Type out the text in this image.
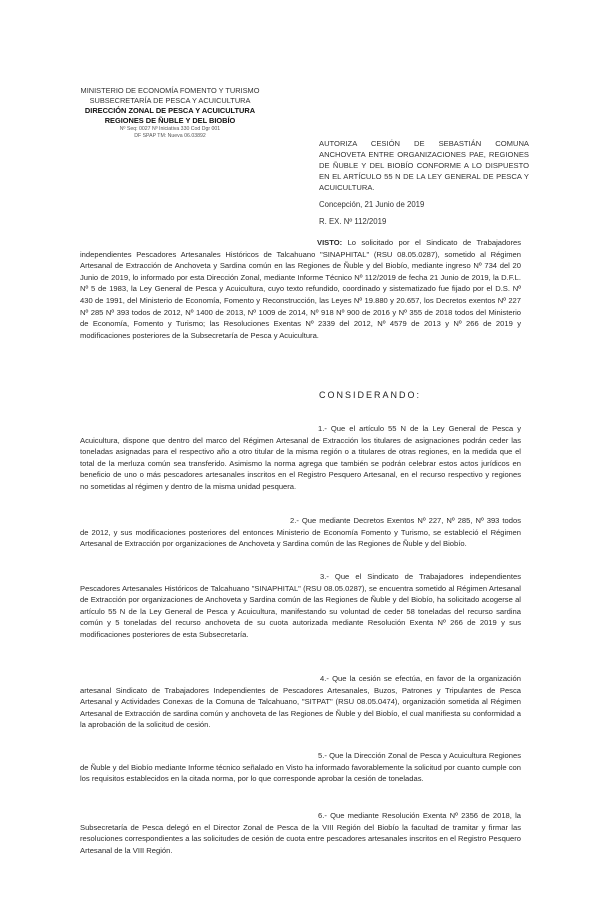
MINISTERIO DE ECONOMÍA FOMENTO Y TURISMO
SUBSECRETARÍA DE PESCA Y ACUICULTURA
DIRECCIÓN ZONAL DE PESCA Y ACUICULTURA
REGIONES DE ÑUBLE Y DEL BIOBÍO
Nº Seq: 0027 Nº Iniciativa 330 Cod Dgr 001
DF SPAP TM: Nueva 06.03892
AUTORIZA CESIÓN DE SEBASTIÁN COMUNA ANCHOVETA ENTRE ORGANIZACIONES PAE, REGIONES DE ÑUBLE Y DEL BIOBÍO CONFORME A LO DISPUESTO EN EL ARTÍCULO 55 N DE LA LEY GENERAL DE PESCA Y ACUICULTURA.
Concepción, 21 Junio de 2019
R. EX. Nº 112/2019
VISTO: Lo solicitado por el Sindicato de Trabajadores independientes Pescadores Artesanales Históricos de Talcahuano "SINAPHITAL" (RSU 08.05.0287), sometido al Régimen Artesanal de Extracción de Anchoveta y Sardina común en las Regiones de Ñuble y del Biobío, mediante ingreso Nº 734 del 20 Junio de 2019, lo informado por esta Dirección Zonal, mediante Informe Técnico Nº 112/2019 de fecha 21 Junio de 2019, la D.F.L. Nº 5 de 1983, la Ley General de Pesca y Acuicultura, cuyo texto refundido, coordinado y sistematizado fue fijado por el D.S. Nº 430 de 1991, del Ministerio de Economía, Fomento y Reconstrucción, las Leyes Nº 19.880 y 20.657, los Decretos exentos Nº 227 Nº 285 Nº 393 todos de 2012, Nº 1400 de 2013, Nº 1009 de 2014, Nº 918 Nº 900 de 2016 y Nº 355 de 2018 todos del Ministerio de Economía, Fomento y Turismo; las Resoluciones Exentas Nº 2339 del 2012, Nº 4579 de 2013 y Nº 266 de 2019 y modificaciones posteriores de la Subsecretaría de Pesca y Acuicultura.
CONSIDERANDO:
1.- Que el artículo 55 N de la Ley General de Pesca y Acuicultura, dispone que dentro del marco del Régimen Artesanal de Extracción los titulares de asignaciones podrán ceder las toneladas asignadas para el respectivo año a otro titular de la misma región o a titulares de otras regiones, en la medida que el total de la merluza común sea transferido. Asimismo la norma agrega que también se podrán celebrar estos actos jurídicos en beneficio de uno o más pescadores artesanales inscritos en el Registro Pesquero Artesanal, en el recurso respectivo y regiones no sometidas al régimen y dentro de la misma unidad pesquera.
2.- Que mediante Decretos Exentos Nº 227, Nº 285, Nº 393 todos de 2012, y sus modificaciones posteriores del entonces Ministerio de Economía Fomento y Turismo, se estableció el Régimen Artesanal de Extracción por organizaciones de Anchoveta y Sardina común de las Regiones de Ñuble y del Biobío.
3.- Que el Sindicato de Trabajadores independientes Pescadores Artesanales Históricos de Talcahuano "SINAPHITAL" (RSU 08.05.0287), se encuentra sometido al Régimen Artesanal de Extracción por organizaciones de Anchoveta y Sardina común de las Regiones de Ñuble y del Biobío, ha solicitado acogerse al artículo 55 N de la Ley General de Pesca y Acuicultura, manifestando su voluntad de ceder 58 toneladas del recurso sardina común y 5 toneladas del recurso anchoveta de su cuota autorizada mediante Resolución Exenta Nº 266 de 2019 y sus modificaciones posteriores de esta Subsecretaría.
4.- Que la cesión se efectúa, en favor de la organización artesanal Sindicato de Trabajadores Independientes de Pescadores Artesanales, Buzos, Patrones y Tripulantes de Pesca Artesanal y Actividades Conexas de la Comuna de Talcahuano, "SITPAT" (RSU 08.05.0474), organización sometida al Régimen Artesanal de Extracción de sardina común y anchoveta de las Regiones de Ñuble y del Biobío, el cual manifiesta su conformidad a la aprobación de la solicitud de cesión.
5.- Que la Dirección Zonal de Pesca y Acuicultura Regiones de Ñuble y del Biobío mediante Informe técnico señalado en Visto ha informado favorablemente la solicitud por cuanto cumple con los requisitos establecidos en la citada norma, por lo que corresponde aprobar la cesión de toneladas.
6.- Que mediante Resolución Exenta Nº 2356 de 2018, la Subsecretaría de Pesca delegó en el Director Zonal de Pesca de la VIII Región del Biobío la facultad de tramitar y firmar las resoluciones correspondientes a las solicitudes de cesión de cuota entre pescadores artesanales inscritos en el Registro Pesquero Artesanal de la VIII Región.
